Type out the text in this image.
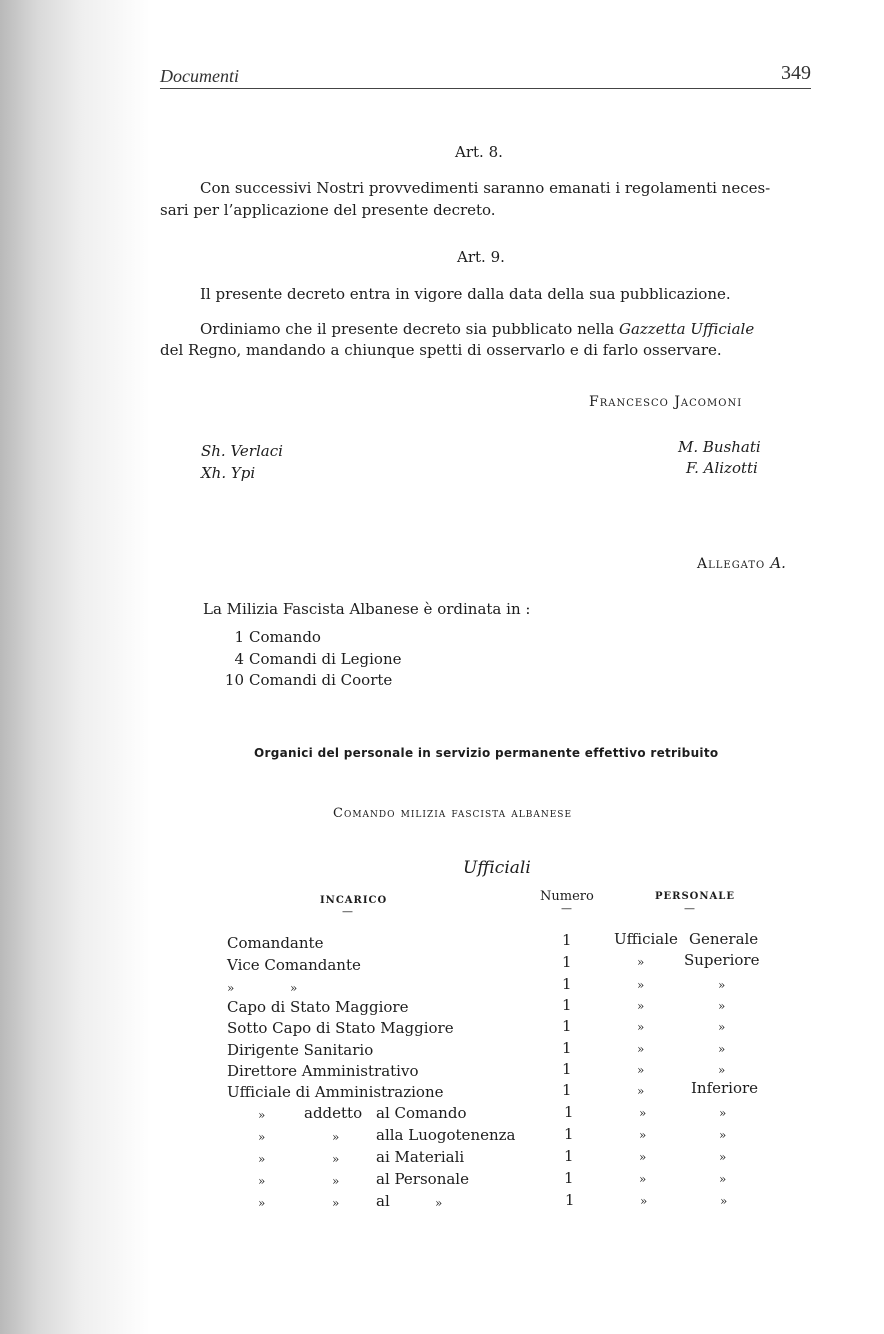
Documenti	349
Art. 8.
Con successivi Nostri provvedimenti saranno emanati i regolamenti neces-
sari per l’applicazione del presente decreto.
Art. 9.
Il presente decreto entra in vigore dalla data della sua pubblicazione.
Ordiniamo che il presente decreto sia pubblicato nella Gazzetta Ufficiale
del Regno, mandando a chiunque spetti di osservarlo e di farlo osservare.
Francesco Jacomoni
Sh. Verlaci
Xh. Ypi
M. Bushati
F. Alizotti
Allegato A.
La Milizia Fascista Albanese è ordinata in :
1 Comando
4 Comandi di Legione
10 Comandi di Coorte
Organici del personale in servizio permanente effettivo retribuito
Comando milizia fascista albanese
Ufficiali
INCARICO	Numero	PERSONALE
—	—	—
Comandante	1	Ufficiale Generale
Vice Comandante	1	»	Superiore
»	»	1	»	»
Capo di Stato Maggiore	1	»	»
Sotto Capo di Stato Maggiore	1	»	»
Dirigente Sanitario	1	»	»
Direttore Amministrativo	1	»	»
Ufficiale di Amministrazione	1	»	Inferiore
»	addetto al Comando	1	»	»
»	» alla Luogotenenza	1	»	»
»	» ai Materiali	1	»	»
»	» al Personale	1	»	»
»	» al	»	1	»	»
